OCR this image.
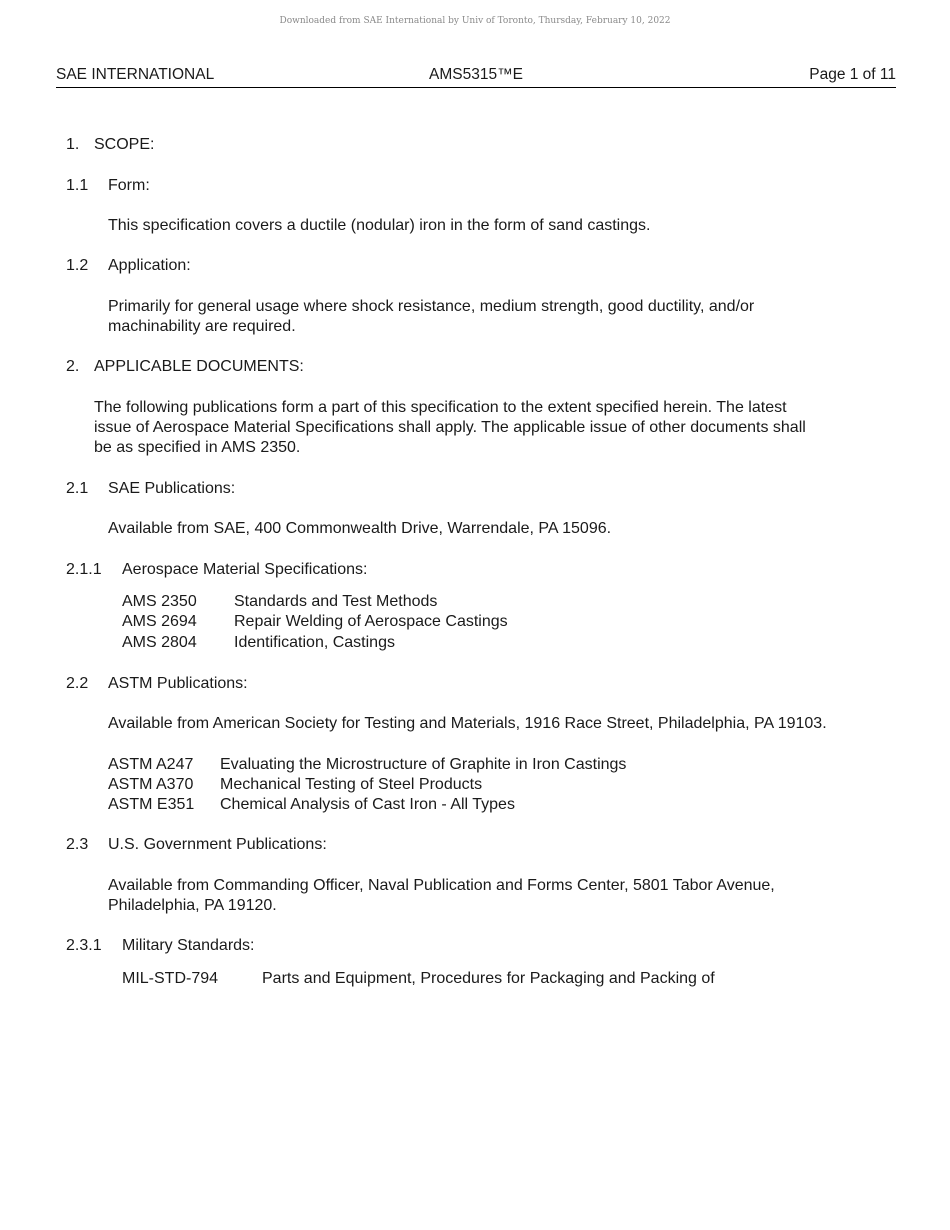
Downloaded from SAE International by Univ of Toronto, Thursday, February 10, 2022
SAE INTERNATIONAL	AMS5315™E	Page 1 of 11
1. SCOPE:
1.1 Form:
This specification covers a ductile (nodular) iron in the form of sand castings.
1.2 Application:
Primarily for general usage where shock resistance, medium strength, good ductility, and/or
machinability are required.
2. APPLICABLE DOCUMENTS:
The following publications form a part of this specification to the extent specified herein. The latest
issue of Aerospace Material Specifications shall apply. The applicable issue of other documents shall
be as specified in AMS 2350.
2.1 SAE Publications:
Available from SAE, 400 Commonwealth Drive, Warrendale, PA 15096.
2.1.1 Aerospace Material Specifications:
AMS 2350 Standards and Test Methods
AMS 2694 Repair Welding of Aerospace Castings
AMS 2804 Identification, Castings
2.2 ASTM Publications:
Available from American Society for Testing and Materials, 1916 Race Street, Philadelphia, PA 19103.
ASTM A247 Evaluating the Microstructure of Graphite in Iron Castings
ASTM A370 Mechanical Testing of Steel Products
ASTM E351 Chemical Analysis of Cast Iron - All Types
2.3 U.S. Government Publications:
Available from Commanding Officer, Naval Publication and Forms Center, 5801 Tabor Avenue,
Philadelphia, PA 19120.
2.3.1 Military Standards:
MIL-STD-794	Parts and Equipment, Procedures for Packaging and Packing of
